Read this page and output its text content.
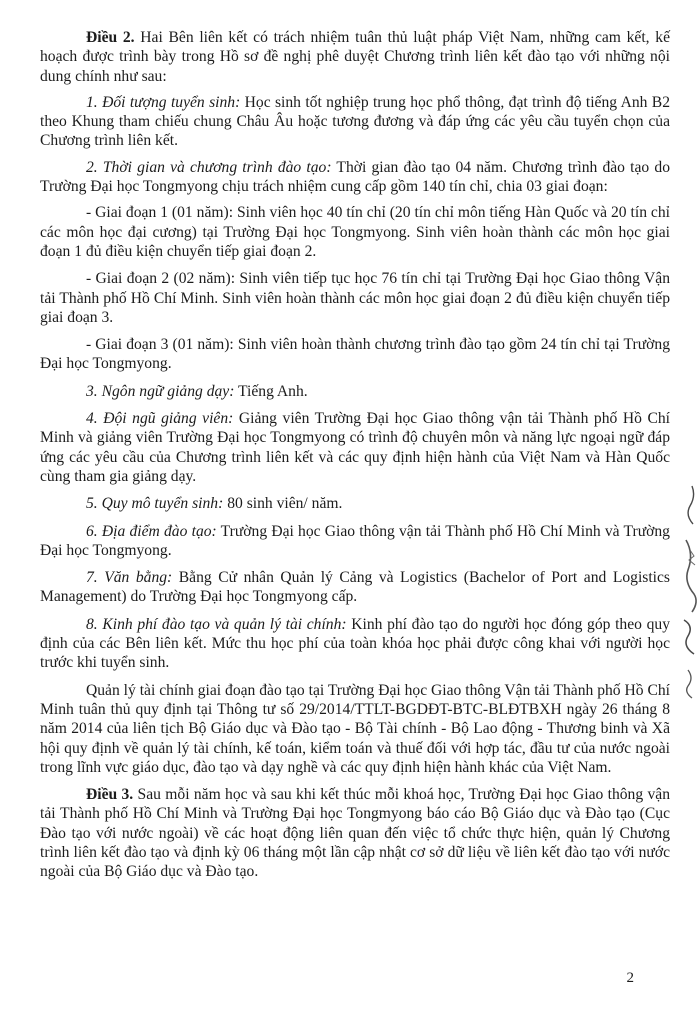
Điều 2. Hai Bên liên kết có trách nhiệm tuân thủ luật pháp Việt Nam, những cam kết, kế hoạch được trình bày trong Hồ sơ đề nghị phê duyệt Chương trình liên kết đào tạo với những nội dung chính như sau:

1. Đối tượng tuyển sinh: Học sinh tốt nghiệp trung học phổ thông, đạt trình độ tiếng Anh B2 theo Khung tham chiếu chung Châu Âu hoặc tương đương và đáp ứng các yêu cầu tuyển chọn của Chương trình liên kết.

2. Thời gian và chương trình đào tạo: Thời gian đào tạo 04 năm. Chương trình đào tạo do Trường Đại học Tongmyong chịu trách nhiệm cung cấp gồm 140 tín chỉ, chia 03 giai đoạn:

- Giai đoạn 1 (01 năm): Sinh viên học 40 tín chỉ (20 tín chỉ môn tiếng Hàn Quốc và 20 tín chỉ các môn học đại cương) tại Trường Đại học Tongmyong. Sinh viên hoàn thành các môn học giai đoạn 1 đủ điều kiện chuyển tiếp giai đoạn 2.

- Giai đoạn 2 (02 năm): Sinh viên tiếp tục học 76 tín chỉ tại Trường Đại học Giao thông Vận tải Thành phố Hồ Chí Minh. Sinh viên hoàn thành các môn học giai đoạn 2 đủ điều kiện chuyển tiếp giai đoạn 3.

- Giai đoạn 3 (01 năm): Sinh viên hoàn thành chương trình đào tạo gồm 24 tín chỉ tại Trường Đại học Tongmyong.

3. Ngôn ngữ giảng dạy: Tiếng Anh.

4. Đội ngũ giảng viên: Giảng viên Trường Đại học Giao thông vận tải Thành phố Hồ Chí Minh và giảng viên Trường Đại học Tongmyong có trình độ chuyên môn và năng lực ngoại ngữ đáp ứng các yêu cầu của Chương trình liên kết và các quy định hiện hành của Việt Nam và Hàn Quốc cùng tham gia giảng dạy.

5. Quy mô tuyển sinh: 80 sinh viên/ năm.

6. Địa điểm đào tạo: Trường Đại học Giao thông vận tải Thành phố Hồ Chí Minh và Trường Đại học Tongmyong.

7. Văn bằng: Bằng Cử nhân Quản lý Cảng và Logistics (Bachelor of Port and Logistics Management) do Trường Đại học Tongmyong cấp.

8. Kinh phí đào tạo và quản lý tài chính: Kinh phí đào tạo do người học đóng góp theo quy định của các Bên liên kết. Mức thu học phí của toàn khóa học phải được công khai với người học trước khi tuyển sinh.

Quản lý tài chính giai đoạn đào tạo tại Trường Đại học Giao thông Vận tải Thành phố Hồ Chí Minh tuân thủ quy định tại Thông tư số 29/2014/TTLT-BGDĐT-BTC-BLĐTBXH ngày 26 tháng 8 năm 2014 của liên tịch Bộ Giáo dục và Đào tạo - Bộ Tài chính - Bộ Lao động - Thương binh và Xã hội quy định về quản lý tài chính, kế toán, kiểm toán và thuế đối với hợp tác, đầu tư của nước ngoài trong lĩnh vực giáo dục, đào tạo và dạy nghề và các quy định hiện hành khác của Việt Nam.

Điều 3. Sau mỗi năm học và sau khi kết thúc mỗi khoá học, Trường Đại học Giao thông vận tải Thành phố Hồ Chí Minh và Trường Đại học Tongmyong báo cáo Bộ Giáo dục và Đào tạo (Cục Đào tạo với nước ngoài) về các hoạt động liên quan đến việc tổ chức thực hiện, quản lý Chương trình liên kết đào tạo và định kỳ 06 tháng một lần cập nhật cơ sở dữ liệu về liên kết đào tạo với nước ngoài của Bộ Giáo dục và Đào tạo.

2
